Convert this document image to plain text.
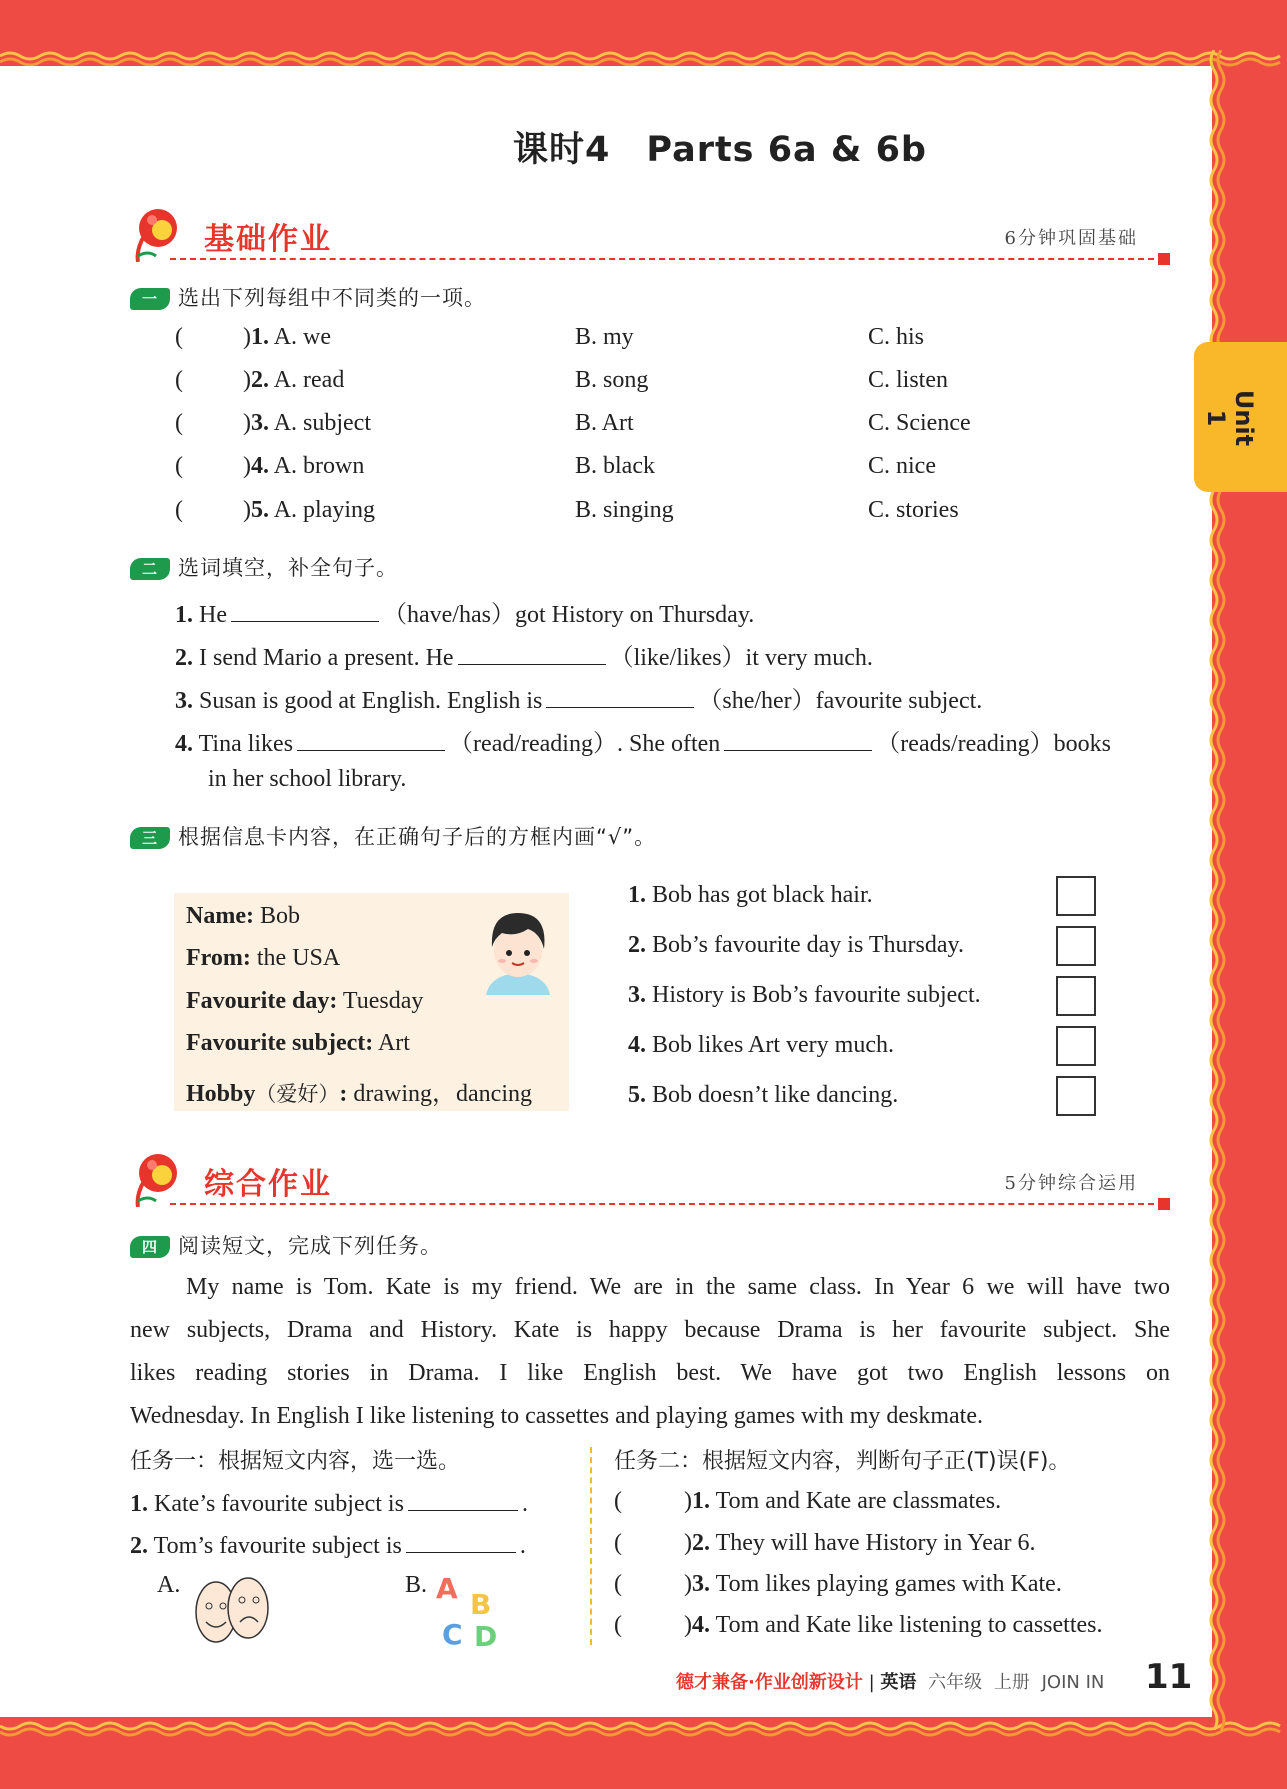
Unit 1
课时4 Parts 6a & 6b
基础作业	6分钟巩固基础
一 选出下列每组中不同类的一项。
(	)1. A. we	B. my	C. his
(	)2. A. read	B. song	C. listen
(	)3. A. subject	B. Art	C. Science
(	)4. A. brown	B. black	C. nice
(	)5. A. playing	B. singing	C. stories
二 选词填空，补全句子。
1. He	（have/has）got History on Thursday.
2. I send Mario a present. He	（like/likes）it very much.
3. Susan is good at English. English is	（she/her）favourite subject.
4. Tina likes	（read/reading）. She often	（reads/reading）books
in her school library.
三 根据信息卡内容，在正确句子后的方框内画“√”。
Name: Bob
From: the USA
Favourite day: Tuesday
Favourite subject: Art
Hobby（爱好）: drawing，dancing
1. Bob has got black hair.
2. Bob’s favourite day is Thursday.
3. History is Bob’s favourite subject.
4. Bob likes Art very much.
5. Bob doesn’t like dancing.
综合作业	5分钟综合运用
四 阅读短文，完成下列任务。
My name is Tom. Kate is my friend. We are in the same class. In Year 6 we will have two
new subjects, Drama and History. Kate is happy because Drama is her favourite subject. She
likes reading stories in Drama. I like English best. We have got two English lessons on
Wednesday. In English I like listening to cassettes and playing games with my deskmate.
任务一：根据短文内容，选一选。
1. Kate’s favourite subject is	.
2. Tom’s favourite subject is	.
A.	B. A B
C D
任务二：根据短文内容，判断句子正(T)误(F)。
(	)1. Tom and Kate are classmates.
(	)2. They will have History in Year 6.
(	)3. Tom likes playing games with Kate.
(	)4. Tom and Kate like listening to cassettes.
德才兼备·作业创新设计 | 英语 六年级 上册 JOIN IN 11
